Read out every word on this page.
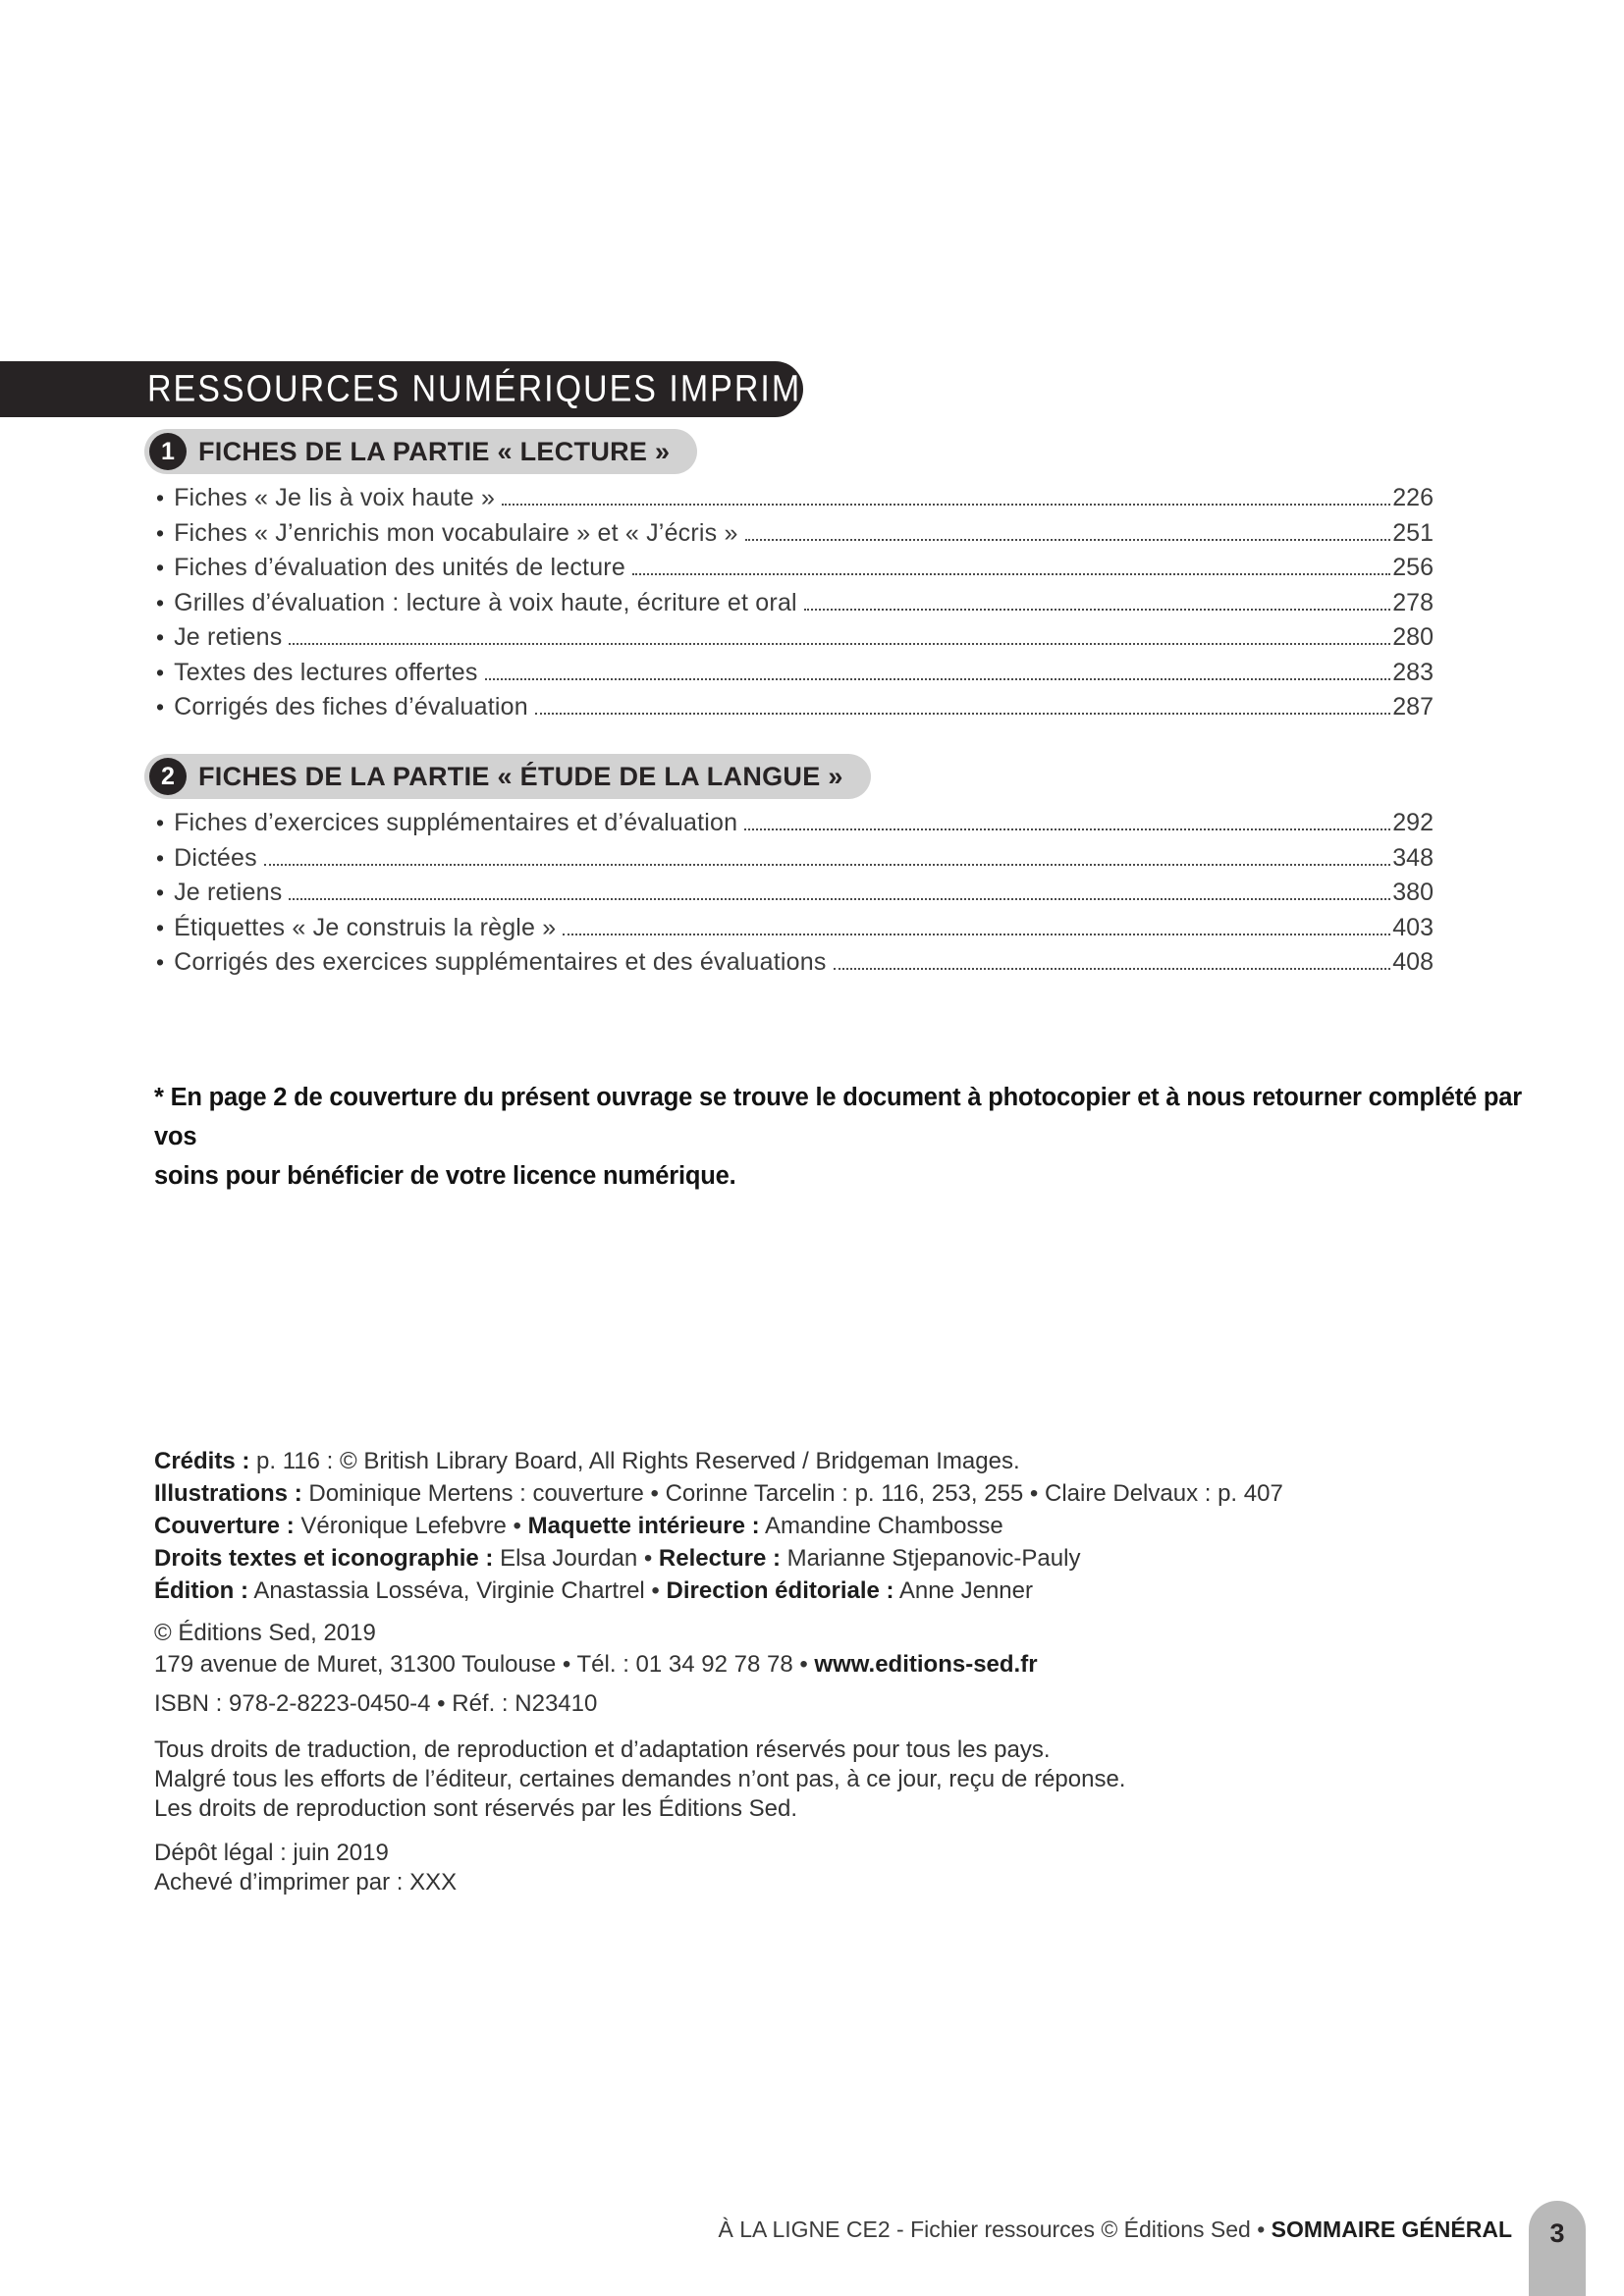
RESSOURCES NUMÉRIQUES IMPRIMABLES*
1 FICHES DE LA PARTIE « LECTURE »
• Fiches « Je lis à voix haute »	226
• Fiches « J’enrichis mon vocabulaire » et « J’écris »	251
• Fiches d’évaluation des unités de lecture	256
• Grilles d’évaluation : lecture à voix haute, écriture et oral	278
• Je retiens	280
• Textes des lectures offertes	283
• Corrigés des fiches d’évaluation	287
2 FICHES DE LA PARTIE « ÉTUDE DE LA LANGUE »
• Fiches d’exercices supplémentaires et d’évaluation	292
• Dictées	348
• Je retiens	380
• Étiquettes « Je construis la règle »	403
• Corrigés des exercices supplémentaires et des évaluations	408
* En page 2 de couverture du présent ouvrage se trouve le document à photocopier et à nous retourner complété par vos
soins pour bénéficier de votre licence numérique.
Crédits : p. 116 : © British Library Board, All Rights Reserved / Bridgeman Images.
Illustrations : Dominique Mertens : couverture • Corinne Tarcelin : p. 116, 253, 255 • Claire Delvaux : p. 407
Couverture : Véronique Lefebvre • Maquette intérieure : Amandine Chambosse
Droits textes et iconographie : Elsa Jourdan • Relecture : Marianne Stjepanovic-Pauly
Édition : Anastassia Losséva, Virginie Chartrel • Direction éditoriale : Anne Jenner
© Éditions Sed, 2019
179 avenue de Muret, 31300 Toulouse • Tél. : 01 34 92 78 78 • www.editions-sed.fr
ISBN : 978-2-8223-0450-4 • Réf. : N23410
Tous droits de traduction, de reproduction et d’adaptation réservés pour tous les pays.
Malgré tous les efforts de l’éditeur, certaines demandes n’ont pas, à ce jour, reçu de réponse.
Les droits de reproduction sont réservés par les Éditions Sed.
Dépôt légal : juin 2019
Achevé d’imprimer par : XXX
À LA LIGNE CE2 - Fichier ressources © Éditions Sed • SOMMAIRE GÉNÉRAL 3
